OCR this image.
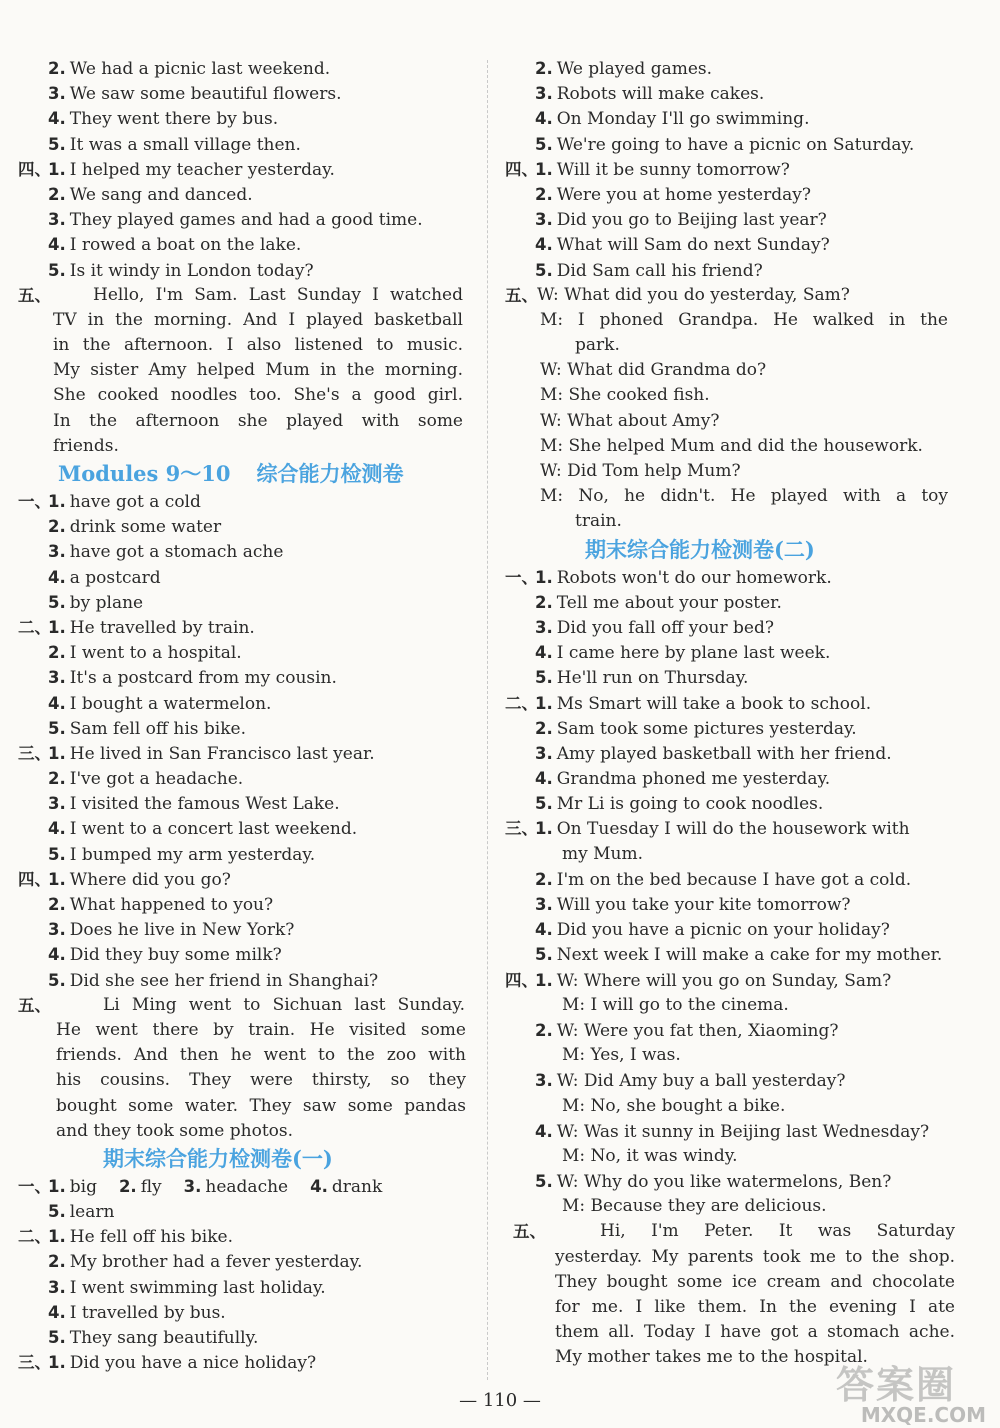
2. We had a picnic last weekend.
3. We saw some beautiful flowers.
4. They went there by bus.
5. It was a small village then.
四、
1. I helped my teacher yesterday.
2. We sang and danced.
3. They played games and had a good time.
4. I rowed a boat on the lake.
5. Is it windy in London today?
五、 Hello, I'm Sam. Last Sunday I watched
TV in the morning. And I played basketball
in the afternoon. I also listened to music.
My sister Amy helped Mum in the morning.
She cooked noodles too. She's a good girl.
In the afternoon she played with some
friends.
Modules 9～10 综合能力检测卷
一、
1. have got a cold
2. drink some water
3. have got a stomach ache
4. a postcard
5. by plane
二、
1. He travelled by train.
2. I went to a hospital.
3. It's a postcard from my cousin.
4. I bought a watermelon.
5. Sam fell off his bike.
三、
1. He lived in San Francisco last year.
2. I've got a headache.
3. I visited the famous West Lake.
4. I went to a concert last weekend.
5. I bumped my arm yesterday.
四、
1. Where did you go?
2. What happened to you?
3. Does he live in New York?
4. Did they buy some milk?
5. Did she see her friend in Shanghai?
五、	Li Ming went to Sichuan last Sunday.
He went there by train. He visited some
friends. And then he went to the zoo with
his cousins. They were thirsty, so they
bought some water. They saw some pandas
and they took some photos.
期末综合能力检测卷(一)
一、
1. big 2. fly 3. headache 4. drank
5. learn
二、
1. He fell off his bike.
2. My brother had a fever yesterday.
3. I went swimming last holiday.
4. I travelled by bus.
5. They sang beautifully.
三、
1. Did you have a nice holiday?
2. We played games.
3. Robots will make cakes.
4. On Monday I'll go swimming.
5. We're going to have a picnic on Saturday.
四、
1. Will it be sunny tomorrow?
2. Were you at home yesterday?
3. Did you go to Beijing last year?
4. What will Sam do next Sunday?
5. Did Sam call his friend?
五、 W: What did you do yesterday, Sam?
M: I phoned Grandpa. He walked in the
park.
W: What did Grandma do?
M: She cooked fish.
W: What about Amy?
M: She helped Mum and did the housework.
W: Did Tom help Mum?
M: No, he didn't. He played with a toy
train.
期末综合能力检测卷(二)
一、
1. Robots won't do our homework.
2. Tell me about your poster.
3. Did you fall off your bed?
4. I came here by plane last week.
5. He'll run on Thursday.
二、
1. Ms Smart will take a book to school.
2. Sam took some pictures yesterday.
3. Amy played basketball with her friend.
4. Grandma phoned me yesterday.
5. Mr Li is going to cook noodles.
三、
1. On Tuesday I will do the housework with
my Mum.
2. I'm on the bed because I have got a cold.
3. Will you take your kite tomorrow?
4. Did you have a picnic on your holiday?
5. Next week I will make a cake for my mother.
四、
1. W: Where will you go on Sunday, Sam?
M: I will go to the cinema.
2. W: Were you fat then, Xiaoming?
M: Yes, I was.
3. W: Did Amy buy a ball yesterday?
M: No, she bought a bike.
4. W: Was it sunny in Beijing last Wednesday?
M: No, it was windy.
5. W: Why do you like watermelons, Ben?
M: Because they are delicious.
五、	Hi, I'm Peter. It was Saturday
yesterday. My parents took me to the shop.
They bought some ice cream and chocolate
for me. I like them. In the evening I ate
them all. Today I have got a stomach ache.
My mother takes me to the hospital.
— 110 —	答案圈
MXQE.COM
